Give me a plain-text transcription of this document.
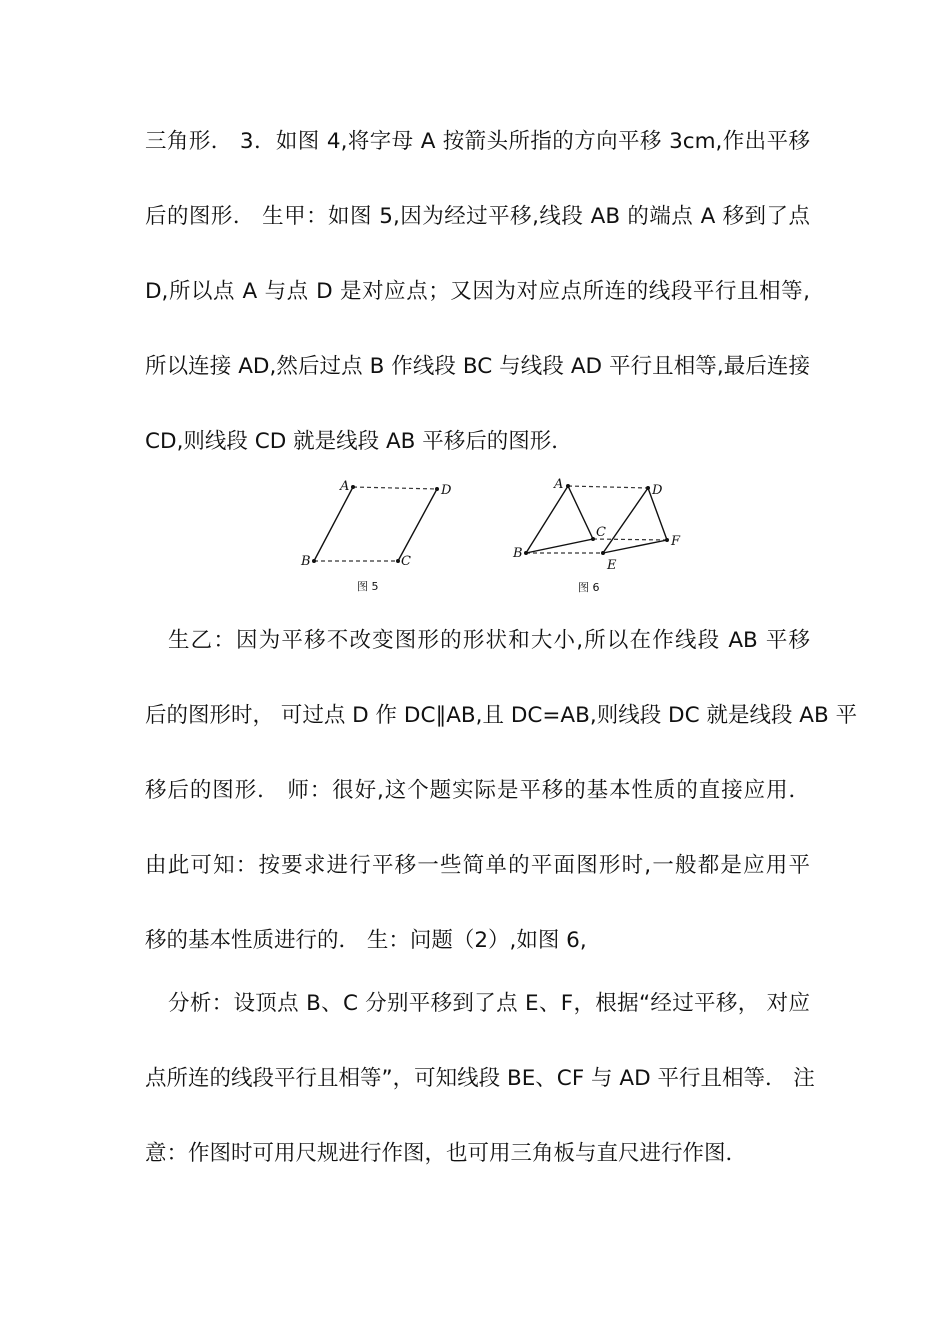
三角形． 3．如图 4,将字母 A 按箭头所指的方向平移 3cm,作出平移
后的图形． 生甲：如图 5,因为经过平移,线段 AB 的端点 A 移到了点
D,所以点 A 与点 D 是对应点；又因为对应点所连的线段平行且相等,
所以连接 AD,然后过点 B 作线段 BC 与线段 AD 平行且相等,最后连接
CD,则线段 CD 就是线段 AB 平移后的图形．
A	D
B	C
图 5
A
B
C
D
E
F
图 6
生乙：因为平移不改变图形的形状和大小,所以在作线段 AB 平移
后的图形时， 可过点 D 作 DC∥AB,且 DC=AB,则线段 DC 就是线段 AB 平
移后的图形． 师：很好,这个题实际是平移的基本性质的直接应用．
由此可知：按要求进行平移一些简单的平面图形时,一般都是应用平
移的基本性质进行的． 生：问题（2）,如图 6,
分析：设顶点 B、C 分别平移到了点 E、F，根据“经过平移， 对应
点所连的线段平行且相等”，可知线段 BE、CF 与 AD 平行且相等． 注
意：作图时可用尺规进行作图，也可用三角板与直尺进行作图．
